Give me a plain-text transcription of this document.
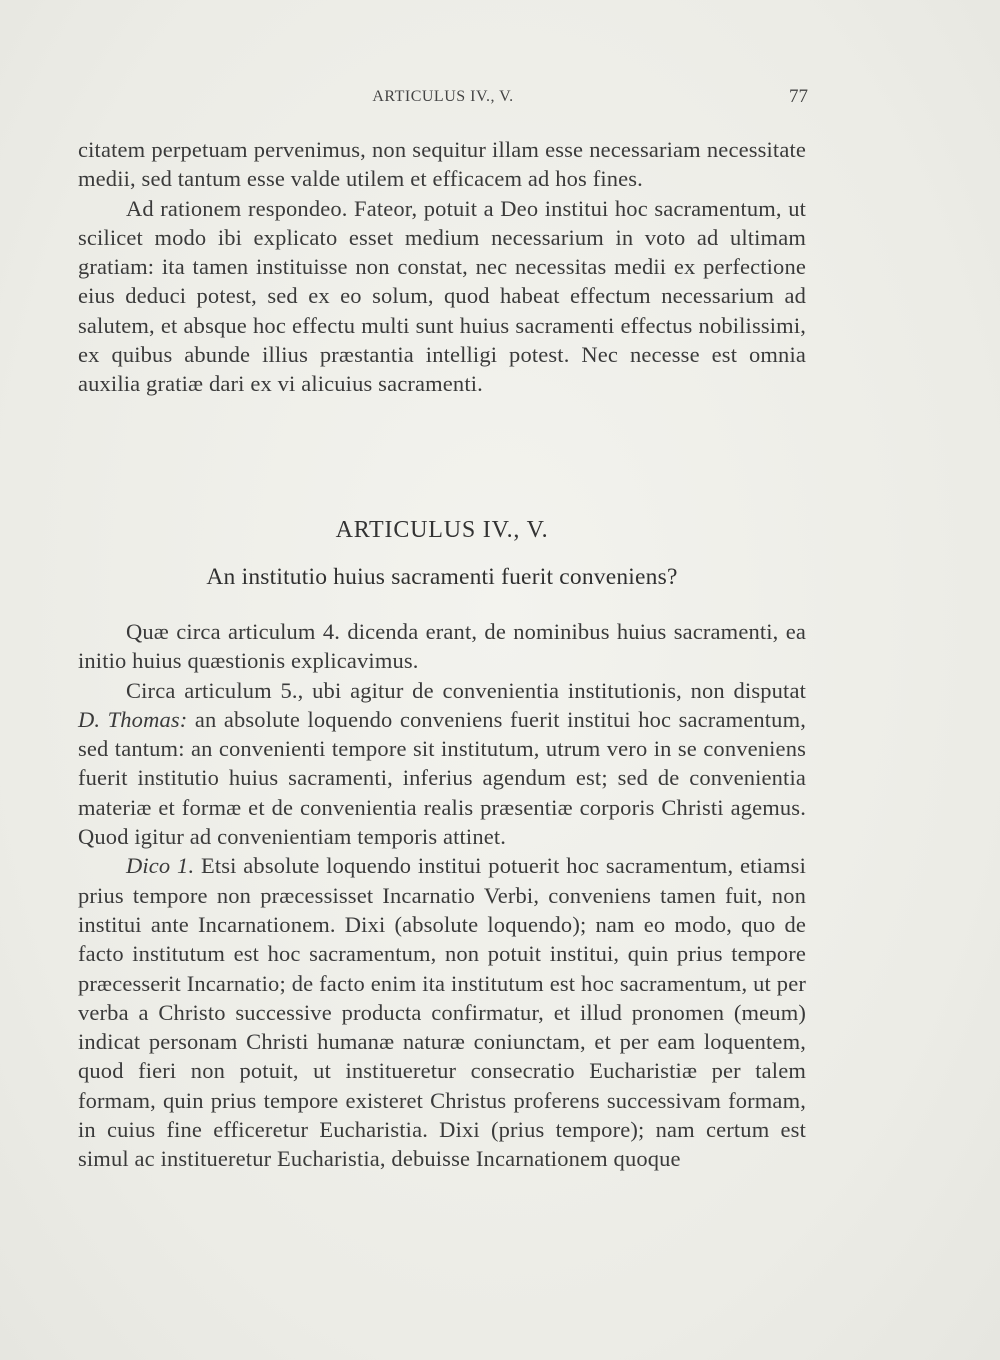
ARTICULUS IV., V.	77

citatem perpetuam pervenimus, non sequitur illam esse necessariam necessitate medii, sed tantum esse valde utilem et efficacem ad hos fines.

Ad rationem respondeo. Fateor, potuit a Deo institui hoc sacramentum, ut scilicet modo ibi explicato esset medium necessarium in voto ad ultimam gratiam: ita tamen instituisse non constat, nec necessitas medii ex perfectione eius deduci potest, sed ex eo solum, quod habeat effectum necessarium ad salutem, et absque hoc effectu multi sunt huius sacramenti effectus nobilissimi, ex quibus abunde illius præstantia intelligi potest. Nec necesse est omnia auxilia gratiæ dari ex vi alicuius sacramenti.

ARTICULUS IV., V.
An institutio huius sacramenti fuerit conveniens?

Quæ circa articulum 4. dicenda erant, de nominibus huius sacramenti, ea initio huius quæstionis explicavimus.

Circa articulum 5., ubi agitur de convenientia institutionis, non disputat D. Thomas: an absolute loquendo conveniens fuerit institui hoc sacramentum, sed tantum: an convenienti tempore sit institutum, utrum vero in se conveniens fuerit institutio huius sacramenti, inferius agendum est; sed de convenientia materiæ et formæ et de convenientia realis præsentiæ corporis Christi agemus. Quod igitur ad convenientiam temporis attinet.

Dico 1. Etsi absolute loquendo institui potuerit hoc sacramentum, etiamsi prius tempore non præcessisset Incarnatio Verbi, conveniens tamen fuit, non institui ante Incarnationem. Dixi (absolute loquendo); nam eo modo, quo de facto institutum est hoc sacramentum, non potuit institui, quin prius tempore præcesserit Incarnatio; de facto enim ita institutum est hoc sacramentum, ut per verba a Christo successive producta confirmatur, et illud pronomen (meum) indicat personam Christi humanæ naturæ coniunctam, et per eam loquentem, quod fieri non potuit, ut institueretur consecratio Eucharistiæ per talem formam, quin prius tempore existeret Christus proferens successivam formam, in cuius fine efficeretur Eucharistia. Dixi (prius tempore); nam certum est simul ac institueretur Eucharistia, debuisse Incarnationem quoque
